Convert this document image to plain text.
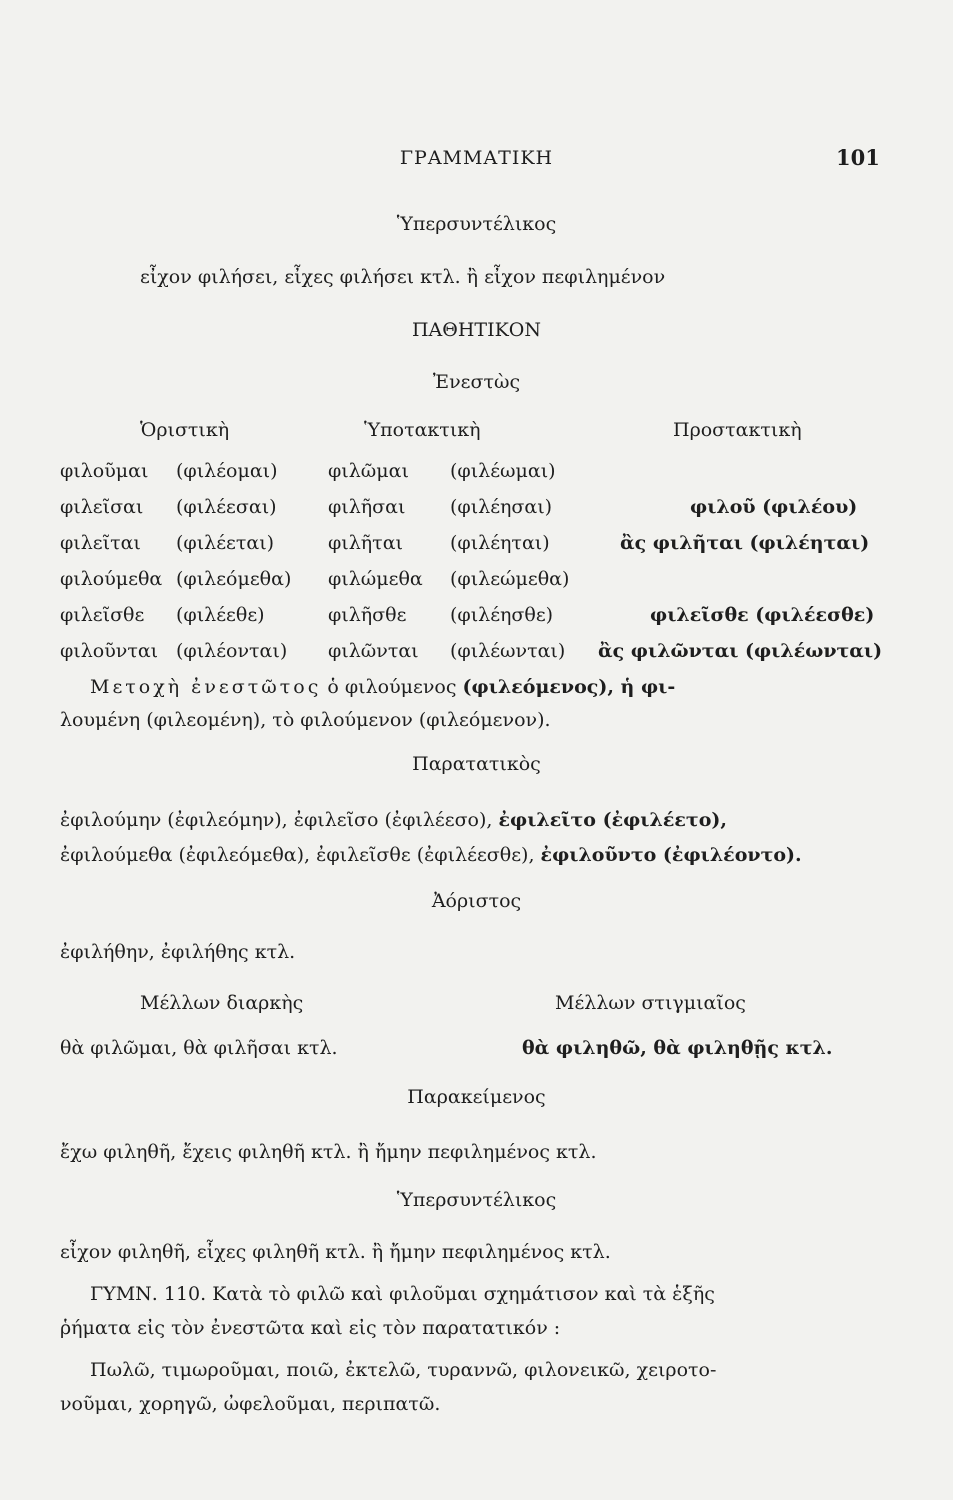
ΓΡΑΜΜΑΤΙΚΗ	101
Ὑπερσυντέλικος
εἶχον φιλήσει, εἶχες φιλήσει κτλ. ἢ εἶχον πεφιλημένον
ΠΑΘΗΤΙΚΟΝ
Ἐνεστὼς
Ὁριστικὴ	Ὑποτακτικὴ	Προστακτικὴ
φιλοῦμαι (φιλέομαι)	φιλῶμαι (φιλέωμαι)
φιλεῖσαι (φιλέεσαι)	φιλῆσαι (φιλέησαι)	φιλοῦ (φιλέου)
φιλεῖται (φιλέεται)	φιλῆται (φιλέηται)	ἂς φιλῆται (φιλέηται)
φιλούμεθα (φιλεόμεθα) φιλώμεθα (φιλεώμεθα)
φιλεῖσθε (φιλέεθε)	φιλῆσθε (φιλέησθε)	φιλεῖσθε (φιλέεσθε)
φιλοῦνται (φιλέονται) φιλῶνται (φιλέωνται) ἂς φιλῶνται (φιλέωνται)
Μετοχὴ ἐνεστῶτος ὁ φιλούμενος (φιλεόμενος), ἡ φι-
λουμένη (φιλεομένη), τὸ φιλούμενον (φιλεόμενον).
Παρατατικὸς
ἐφιλούμην (ἐφιλεόμην), ἐφιλεῖσο (ἐφιλέεσο), ἐφιλεῖτο (ἐφιλέετο),
ἐφιλούμεθα (ἐφιλεόμεθα), ἐφιλεῖσθε (ἐφιλέεσθε), ἐφιλοῦντο (ἐφιλέοντο).
Ἀόριστος
ἐφιλήθην, ἐφιλήθης κτλ.
Μέλλων διαρκὴς	Μέλλων στιγμιαῖος
θὰ φιλῶμαι, θὰ φιλῆσαι κτλ.	θὰ φιληθῶ, θὰ φιληθῇς κτλ.
Παρακείμενος
ἔχω φιληθῆ, ἔχεις φιληθῆ κτλ. ἢ ἤμην πεφιλημένος κτλ.
Ὑπερσυντέλικος
εἶχον φιληθῆ, εἶχες φιληθῆ κτλ. ἢ ἤμην πεφιλημένος κτλ.
ΓΥΜΝ. 110. Κατὰ τὸ φιλῶ καὶ φιλοῦμαι σχημάτισον καὶ τὰ ἑξῆς
ῥήματα εἰς τὸν ἐνεστῶτα καὶ εἰς τὸν παρατατικόν :
Πωλῶ, τιμωροῦμαι, ποιῶ, ἐκτελῶ, τυραννῶ, φιλονεικῶ, χειροτο-
νοῦμαι, χορηγῶ, ὠφελοῦμαι, περιπατῶ.
